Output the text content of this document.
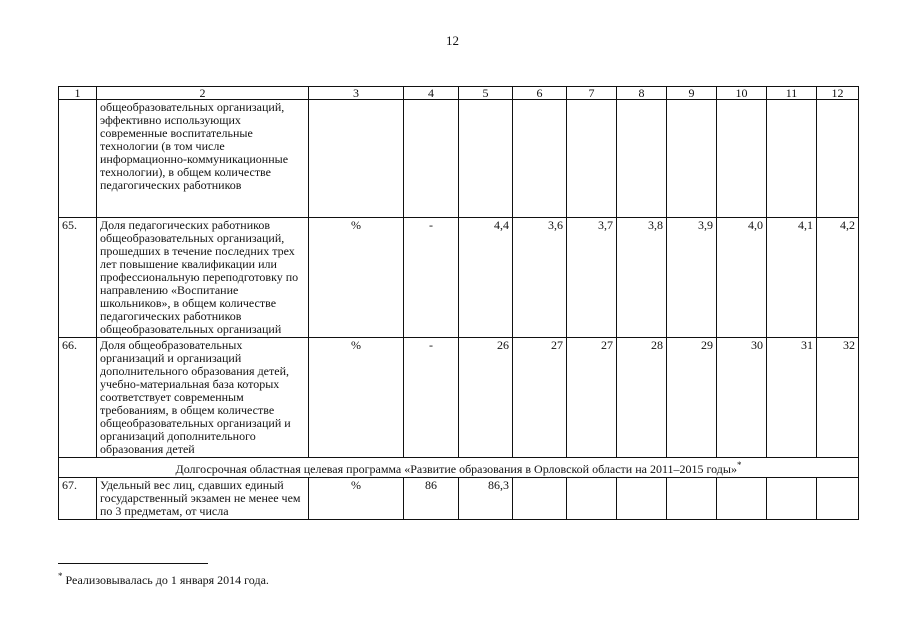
12
1	2	3	4	5	6	7	8	9	10	11	12
	общеобразовательных организаций, эффективно использующих современные воспитательные технологии (в том числе информационно-коммуникационные технологии), в общем количестве педагогических работников										
65.	Доля педагогических работников общеобразовательных организаций, прошедших в течение последних трех лет повышение квалификации или профессиональную переподготовку по направлению «Воспитание школьников», в общем количестве педагогических работников общеобразовательных организаций	%	-	4,4	3,6	3,7	3,8	3,9	4,0	4,1	4,2
66.	Доля общеобразовательных организаций и организаций дополнительного образования детей, учебно-материальная база которых соответствует современным требованиям, в общем количестве общеобразовательных организаций и организаций дополнительного образования детей	%	-	26	27	27	28	29	30	31	32
Долгосрочная областная целевая программа «Развитие образования в Орловской области на 2011–2015 годы»*
67.	Удельный вес лиц, сдавших единый государственный экзамен не менее чем по 3 предметам, от числа	%	86	86,3							
* Реализовывалась до 1 января 2014 года.
